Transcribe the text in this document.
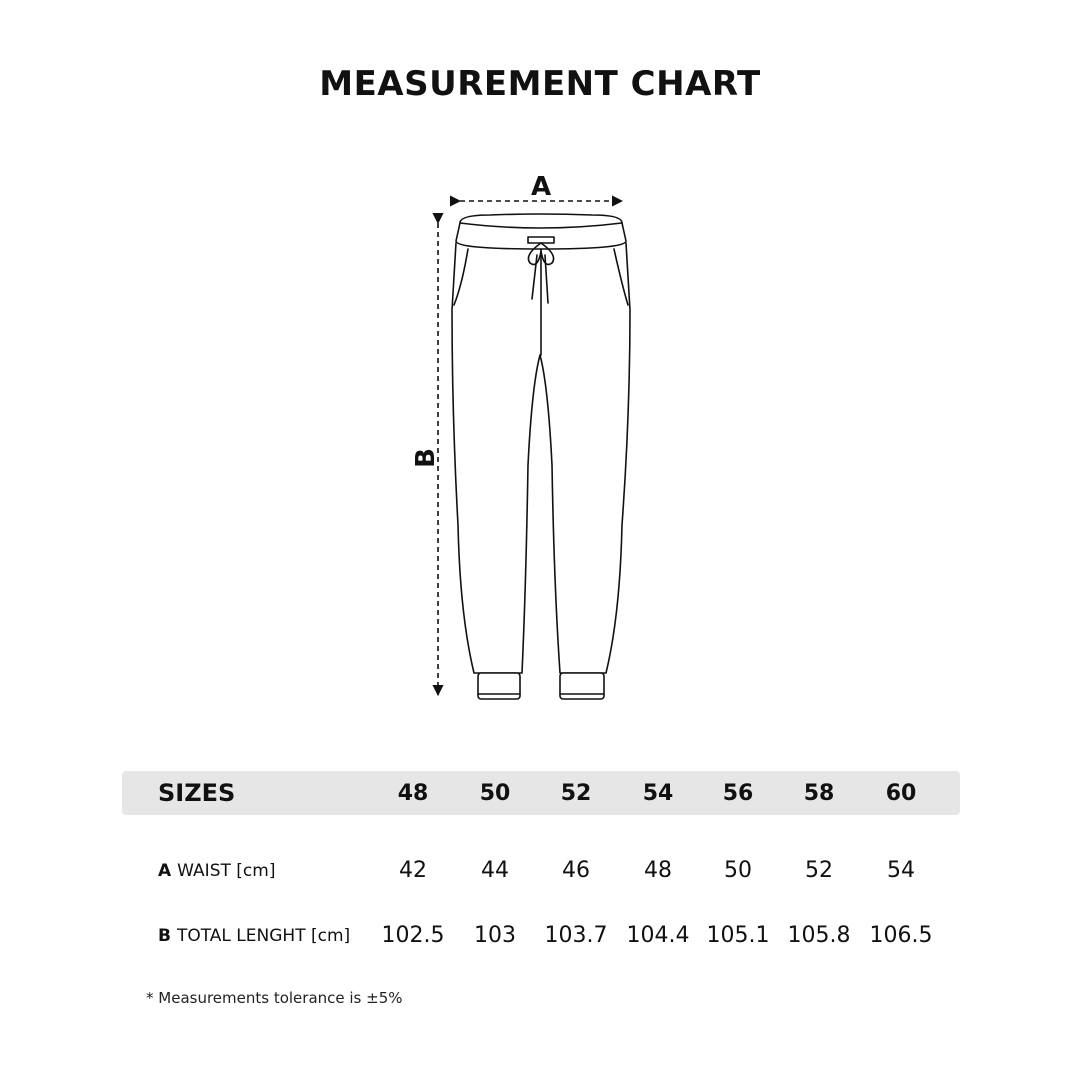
MEASUREMENT CHART
A
B
SIZES	48	50	52	54	56	58	60
A WAIST [cm]	42	44	46	48	50	52	54
B TOTAL LENGHT [cm]	102.5	103	103.7 104.4 105.1 105.8 106.5
* Measurements tolerance is ±5%
